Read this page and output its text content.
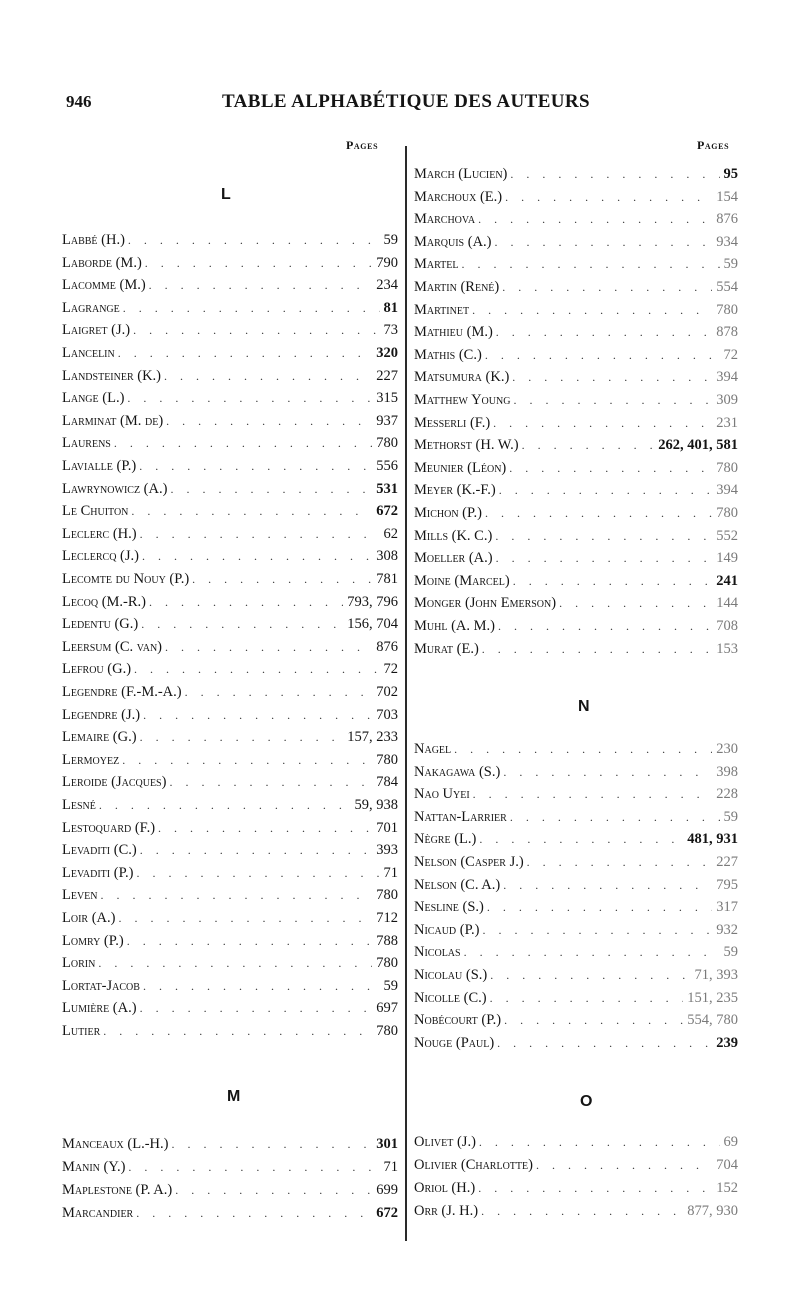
946	TABLE ALPHABÉTIQUE DES AUTEURS
Pages	Pages
L
M
N
O
Labbé (H.) . . .	59
Laborde (M.) . . .	790
Lacomme (M.) . . .	234
Lagrange . . .	81
Laigret (J.) . . .	73
Lancelin . . .	320
Landsteiner (K.) . . .	227
Lange (L.) . . .	315
Larminat (M. de) . . .	937
Laurens . . .	780
Lavialle (P.) . . .	556
Lawrynowicz (A.) . . .	531
Le Chuiton . . .	672
Leclerc (H.) . . .	62
Leclercq (J.) . . .	308
Lecomte du Nouy (P.) . . .	781
Lecoq (M.-R.) . . .	793, 796
Ledentu (G.) . . .	156, 704
Leersum (C. van) . . .	876
Lefrou (G.) . . .	72
Legendre (F.-M.-A.) . . .	702
Legendre (J.) . . .	703
Lemaire (G.) . . .	157, 233
Lermoyez . . .	780
Leroide (Jacques) . . .	784
Lesné . . .	59, 938
Lestoquard (F.) . . .	701
Levaditi (C.) . . .	393
Levaditi (P.) . . .	71
Leven . . .	780
Loir (A.) . . .	712
Lomry (P.) . . .	788
Lorin . . .	780
Lortat-Jacob . . .	59
Lumière (A.) . . .	697
Lutier . . .	780
Manceaux (L.-H.) . . .	301
Manin (Y.) . . .	71
Maplestone (P. A.) . . .	699
Marcandier . . .	672
March (Lucien) . . .	95
Marchoux (E.) . . .	154
Marchova . . .	876
Marquis (A.) . . .	934
Martel . . .	59
Martin (René) . . .	554
Martinet . . .	780
Mathieu (M.) . . .	878
Mathis (C.) . . .	72
Matsumura (K.) . . .	394
Matthew Young . . .	309
Messerli (F.) . . .	231
Methorst (H. W.) . . .	262, 401, 581
Meunier (Léon) . . .	780
Meyer (K.-F.) . . .	394
Michon (P.) . . .	780
Mills (K. C.) . . .	552
Moeller (A.) . . .	149
Moine (Marcel) . . .	241
Monger (John Emerson) . . .	144
Muhl (A. M.) . . .	708
Murat (E.) . . .	153
Nagel . . .	230
Nakagawa (S.) . . .	398
Nao Uyei . . .	228
Nattan-Larrier . . .	59
Nègre (L.) . . .	481, 931
Nelson (Casper J.) . . .	227
Nelson (C. A.) . . .	795
Nesline (S.) . . .	317
Nicaud (P.) . . .	932
Nicolas . . .	59
Nicolau (S.) . . .	71, 393
Nicolle (C.) . . .	151, 235
Nobécourt (P.) . . .	554, 780
Nouge (Paul) . . .	239
Olivet (J.) . . .	69
Olivier (Charlotte) . . .	704
Oriol (H.) . . .	152
Orr (J. H.) . . .	877, 930
